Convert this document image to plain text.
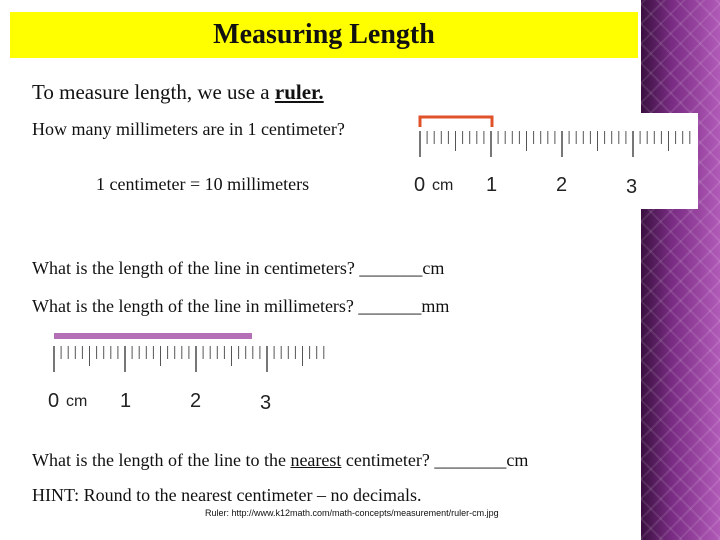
Measuring Length
To measure length, we use a ruler.
How many millimeters are in 1 centimeter?
1 centimeter = 10 millimeters	0 cm 1	2	3
What is the length of the line in centimeters? _______cm
What is the length of the line in millimeters? _______mm
0 cm 1	2	3
What is the length of the line to the nearest centimeter? ________cm
HINT: Round to the nearest centimeter – no decimals.
Ruler: http://www.k12math.com/math-concepts/measurement/ruler-cm.jpg
